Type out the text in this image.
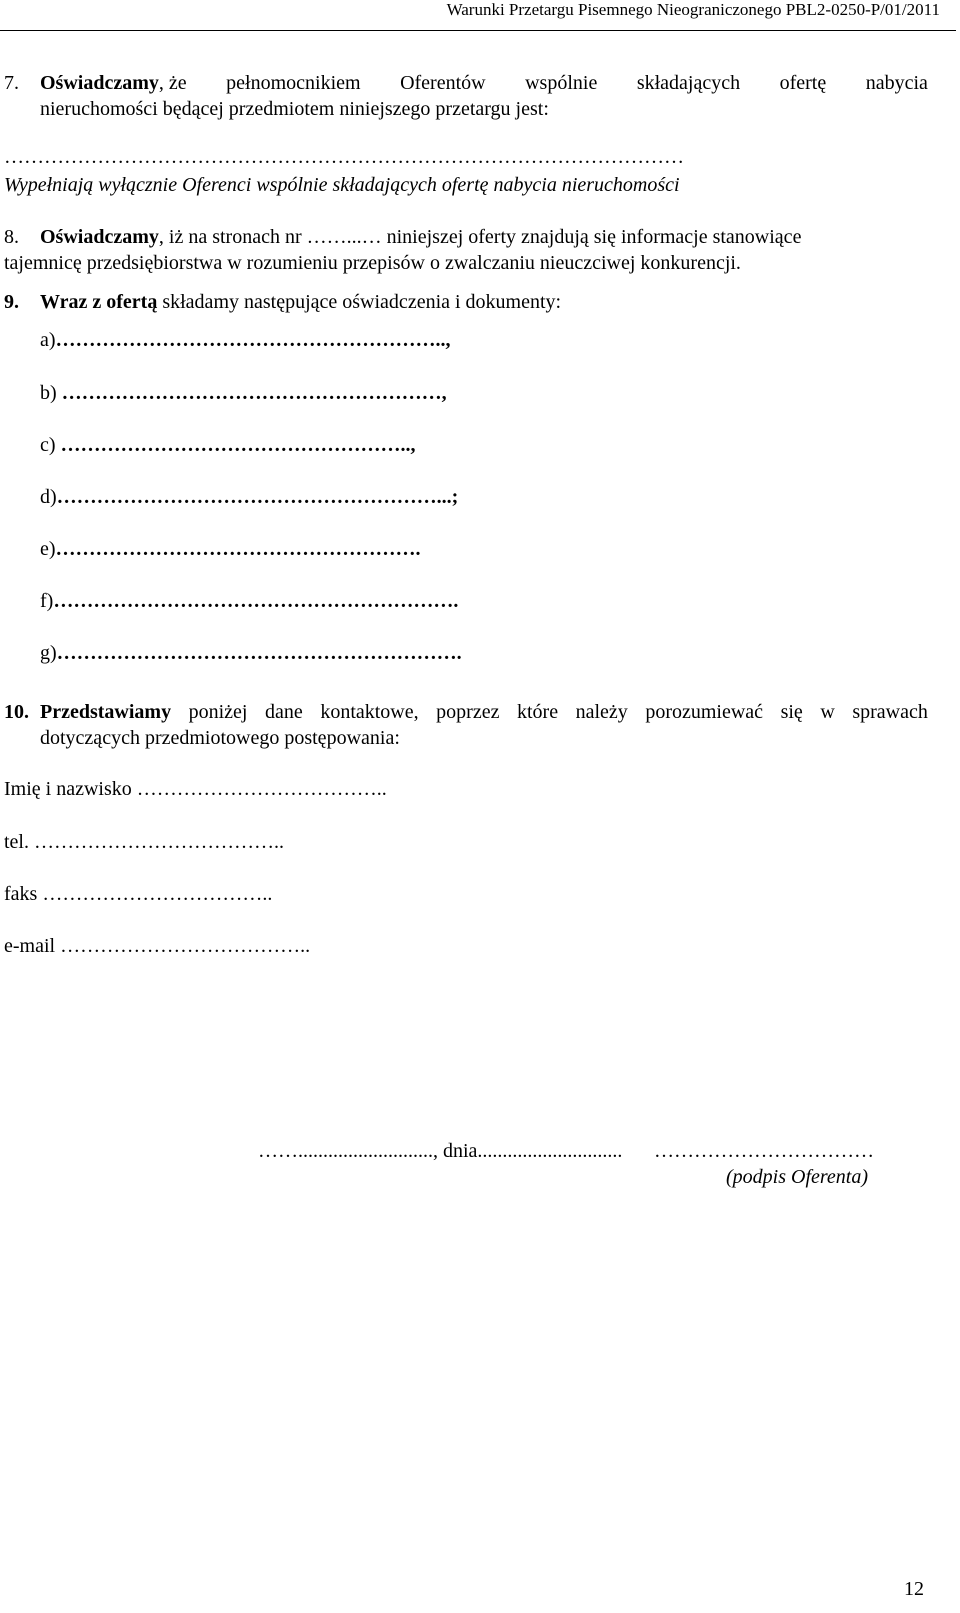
Warunki Przetargu Pisemnego Nieograniczonego PBL2-0250-P/01/2011
7. Oświadczamy, że pełnomocnikiem Oferentów wspólnie składających ofertę nabycia
nieruchomości będącej przedmiotem niniejszego przetargu jest:
…………………………………………………………………………………………
Wypełniają wyłącznie Oferenci wspólnie składających ofertę nabycia nieruchomości
8. Oświadczamy, iż na stronach nr ……...… niniejszej oferty znajdują się informacje stanowiące
tajemnicę przedsiębiorstwa w rozumieniu przepisów o zwalczaniu nieuczciwej konkurencji.
9. Wraz z ofertą składamy następujące oświadczenia i dokumenty:
a)…………………………………………………..,
b) …………………………………………………,
c) ……………………………………………..,
d)…………………………………………………...;
e)……………………………………………….
f)…………………………………………………….
g)…………………………………………………….
10. Przedstawiamy poniżej dane kontaktowe, poprzez które należy porozumiewać się w sprawach
dotyczących przedmiotowego postępowania:
Imię i nazwisko ………………………………..
tel. ………………………………..
faks ……………………………..
e-mail ………………………………..
……..........................., dnia............................. ……………………………
(podpis Oferenta)
12
